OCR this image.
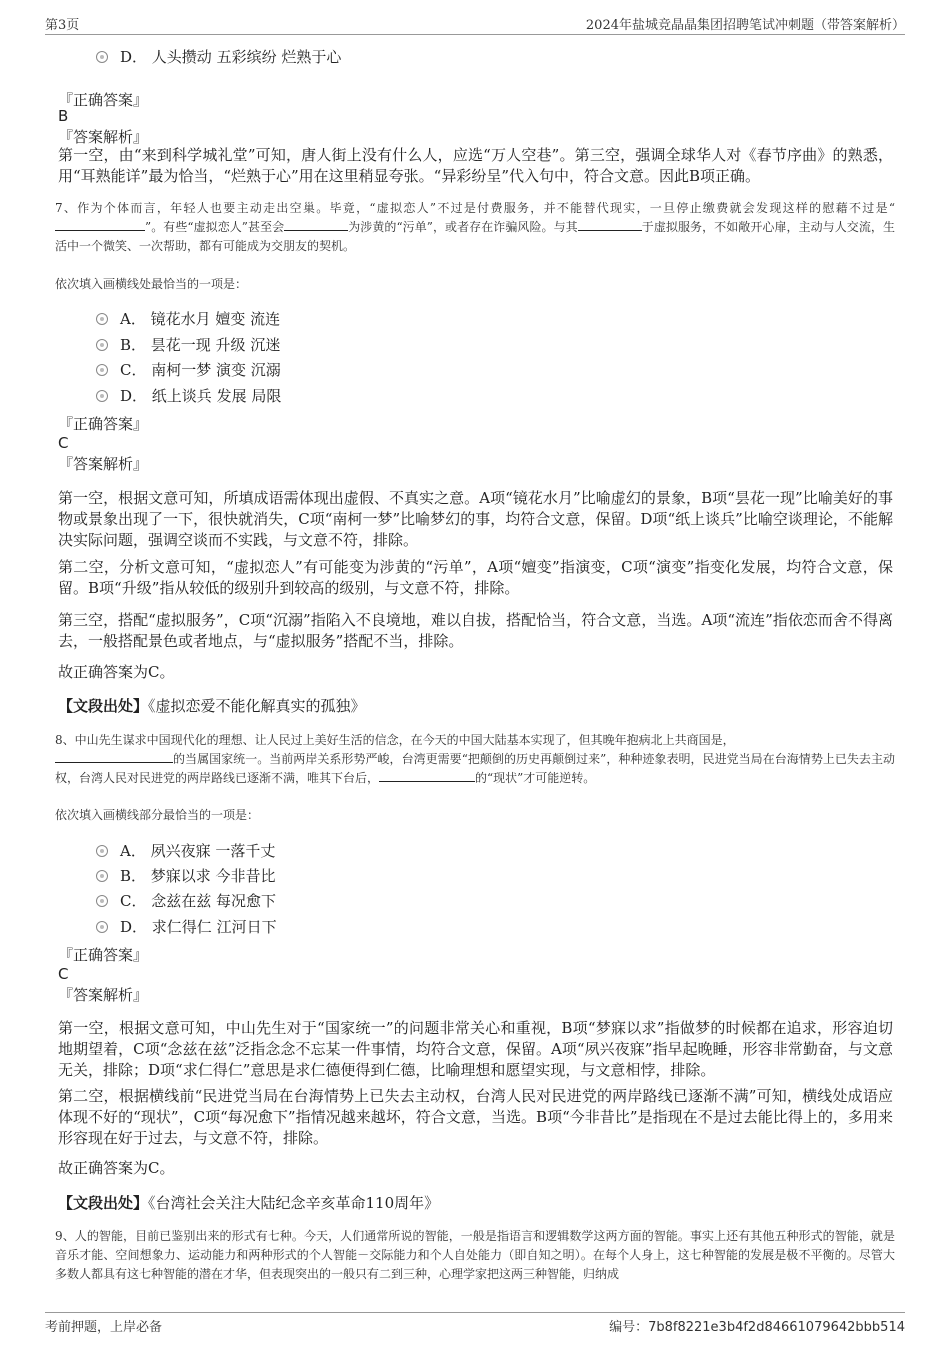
第3页	2024年盐城竞晶晶集团招聘笔试冲刺题（带答案解析）
D． 人头攒动 五彩缤纷 烂熟于心
『正确答案』
B
『答案解析』
第一空，由“来到科学城礼堂”可知，唐人街上没有什么人，应选“万人空巷”。第三空，强调全球华人对《春节序曲》的熟悉，用“耳熟能详”最为恰当，“烂熟于心”用在这里稍显夸张。“异彩纷呈”代入句中，符合文意。因此B项正确。
7、作为个体而言，年轻人也要主动走出空巢。毕竟，“虚拟恋人”不过是付费服务，并不能替代现实，一旦停止缴费就会发现这样的慰藉不过是“”。有些“虚拟恋人”甚至会	为涉黄的“污单”，或者存在诈骗风险。与其	于虚拟服务，不如敞开心扉，主动与人交流，生活中一个微笑、一次帮助，都有可能成为交朋友的契机。
依次填入画横线处最恰当的一项是：
A． 镜花水月 嬗变 流连
B． 昙花一现 升级 沉迷
C． 南柯一梦 演变 沉溺
D． 纸上谈兵 发展 局限
『正确答案』
C
『答案解析』
第一空，根据文意可知，所填成语需体现出虚假、不真实之意。A项“镜花水月”比喻虚幻的景象，B项“昙花一现”比喻美好的事物或景象出现了一下，很快就消失，C项“南柯一梦”比喻梦幻的事，均符合文意，保留。D项“纸上谈兵”比喻空谈理论，不能解决实际问题，强调空谈而不实践，与文意不符，排除。
第二空，分析文意可知，“虚拟恋人”有可能变为涉黄的“污单”，A项“嬗变”指演变，C项“演变”指变化发展，均符合文意，保留。B项“升级”指从较低的级别升到较高的级别，与文意不符，排除。
第三空，搭配“虚拟服务”，C项“沉溺”指陷入不良境地，难以自拔，搭配恰当，符合文意，当选。A项“流连”指依恋而舍不得离去，一般搭配景色或者地点，与“虚拟服务”搭配不当，排除。
故正确答案为C。
【文段出处】《虚拟恋爱不能化解真实的孤独》
8、中山先生谋求中国现代化的理想、让人民过上美好生活的信念，在今天的中国大陆基本实现了，但其晚年抱病北上共商国是，
的当属国家统一。当前两岸关系形势严峻，台湾更需要“把颠倒的历史再颠倒过来”，种种迹象表明，民进党当局在台海情势上已失去主动权，台湾人民对民进党的两岸路线已逐渐不满，唯其下台后，	的“现状”才可能逆转。
依次填入画横线部分最恰当的一项是：
A． 夙兴夜寐 一落千丈
B． 梦寐以求 今非昔比
C． 念兹在兹 每况愈下
D． 求仁得仁 江河日下
『正确答案』
C
『答案解析』
第一空，根据文意可知，中山先生对于“国家统一”的问题非常关心和重视，B项“梦寐以求”指做梦的时候都在追求，形容迫切地期望着，C项“念兹在兹”泛指念念不忘某一件事情，均符合文意，保留。A项“夙兴夜寐”指早起晚睡，形容非常勤奋，与文意无关，排除；D项“求仁得仁”意思是求仁德便得到仁德，比喻理想和愿望实现，与文意相悖，排除。
第二空，根据横线前“民进党当局在台海情势上已失去主动权，台湾人民对民进党的两岸路线已逐渐不满”可知，横线处成语应体现不好的“现状”，C项“每况愈下”指情况越来越坏，符合文意，当选。B项“今非昔比”是指现在不是过去能比得上的，多用来形容现在好于过去，与文意不符，排除。
故正确答案为C。
【文段出处】《台湾社会关注大陆纪念辛亥革命110周年》
9、人的智能，目前已鉴别出来的形式有七种。今天，人们通常所说的智能，一般是指语言和逻辑数学这两方面的智能。事实上还有其他五种形式的智能，就是音乐才能、空间想象力、运动能力和两种形式的个人智能－交际能力和个人自处能力（即自知之明）。在每个人身上，这七种智能的发展是极不平衡的。尽管大多数人都具有这七种智能的潜在才华，但表现突出的一般只有二到三种，心理学家把这两三种智能，归纳成
考前押题，上岸必备	编号：7b8f8221e3b4f2d84661079642bbb514
